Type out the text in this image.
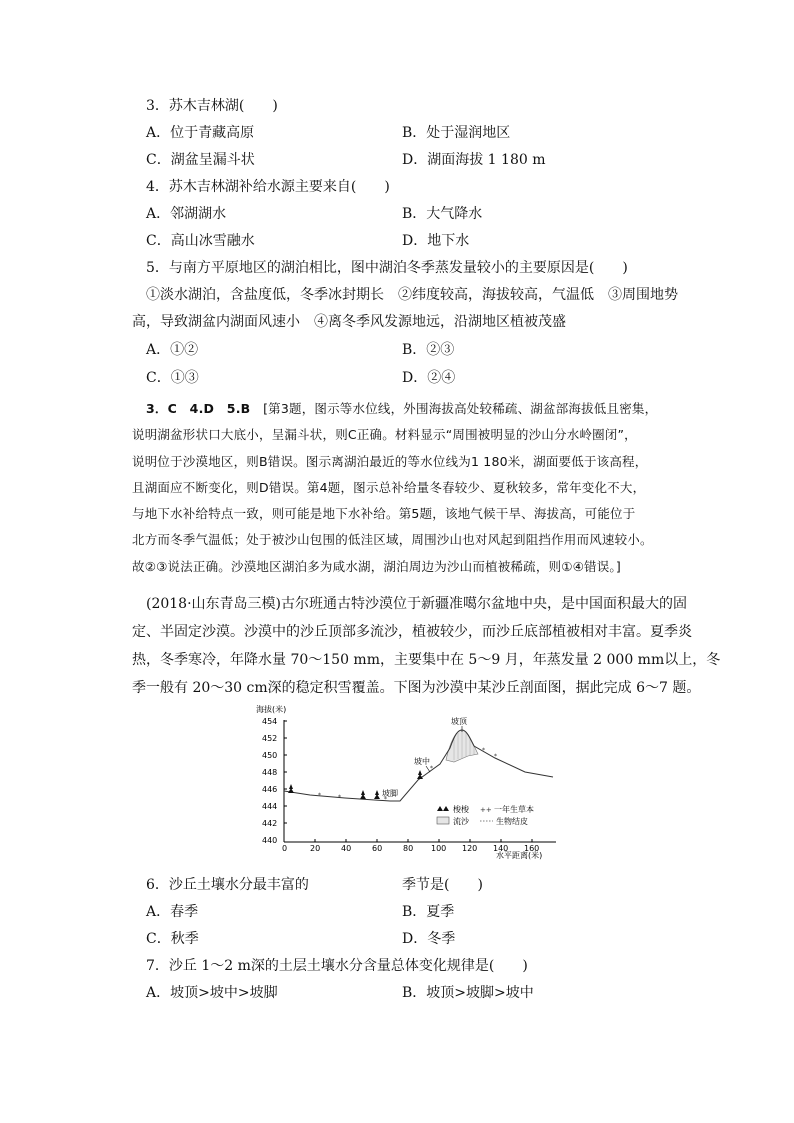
3．苏木吉林湖(　　)
A．位于青藏高原	B．处于湿润地区
C．湖盆呈漏斗状	D．湖面海拔 1 180 m
4．苏木吉林湖补给水源主要来自(　　)
A．邻湖湖水	B．大气降水
C．高山冰雪融水	D．地下水
5．与南方平原地区的湖泊相比，图中湖泊冬季蒸发量较小的主要原因是(　　)
①淡水湖泊，含盐度低，冬季冰封期长　②纬度较高，海拔较高，气温低　③周围地势
高，导致湖盆内湖面风速小　④离冬季风发源地远，沿湖地区植被茂盛
A．①②	B．②③
C．①③	D．②④
3．C　4.D　5.B　 [第3题，图示等水位线，外围海拔高处较稀疏、湖盆部海拔低且密集，
说明湖盆形状口大底小，呈漏斗状，则C正确。材料显示“周围被明显的沙山分水岭圈闭”，
说明位于沙漠地区，则B错误。图示离湖泊最近的等水位线为1 180米，湖面要低于该高程，
且湖面应不断变化，则D错误。第4题，图示总补给量冬春较少、夏秋较多，常年变化不大，
与地下水补给特点一致，则可能是地下水补给。第5题，该地气候干旱、海拔高，可能位于
北方而冬季气温低；处于被沙山包围的低洼区域，周围沙山也对风起到阻挡作用而风速较小。
故②③说法正确。沙漠地区湖泊多为咸水湖，湖泊周边为沙山而植被稀疏，则①④错误。]
(2018·山东青岛三模)古尔班通古特沙漠位于新疆准噶尔盆地中央，是中国面积最大的固
定、半固定沙漠。沙漠中的沙丘顶部多流沙，植被较少，而沙丘底部植被相对丰富。夏季炎
热，冬季寒冷，年降水量 70～150 mm，主要集中在 5～9 月，年蒸发量 2 000 mm以上，冬
季一般有 20～30 cm深的稳定积雪覆盖。下图为沙漠中某沙丘剖面图，据此完成 6～7 题。
海拔(米)
水平距离(米)
454
452
450
448
446
444
442
440
0	20	40	60	80 100 120 140 160
*	*	*
*
*
*
坡顶
坡中
坡脚
梭梭 ++ 一年生草本
流沙	生物结皮
6．沙丘土壤水分最丰富的	季节是(　　)
A．春季	B．夏季
C．秋季	D．冬季
7．沙丘 1～2 m深的土层土壤水分含量总体变化规律是(　　)
A．坡顶>坡中>坡脚	B．坡顶>坡脚>坡中
